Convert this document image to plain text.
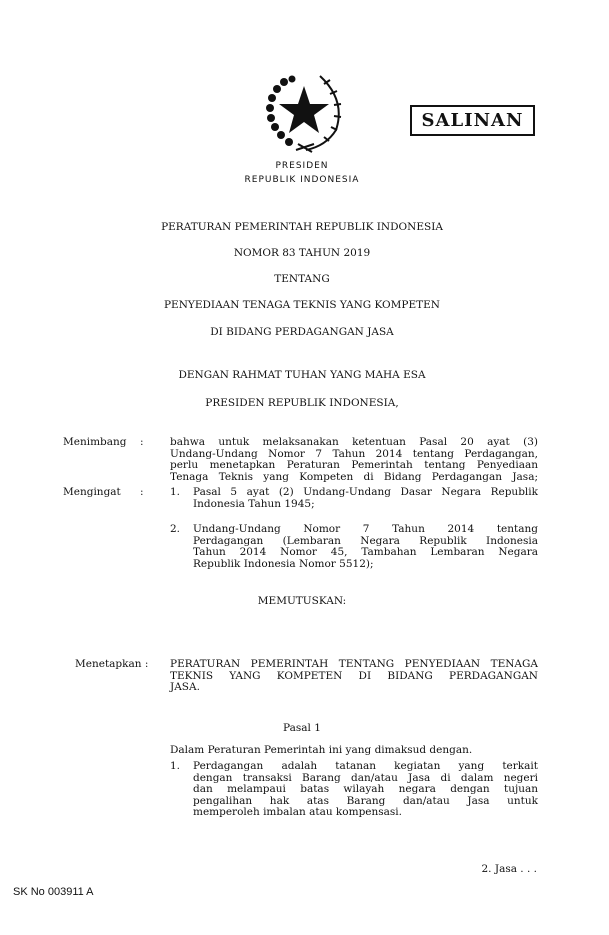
SALINAN
PRESIDEN
REPUBLIK INDONESIA
PERATURAN PEMERINTAH REPUBLIK INDONESIA
NOMOR 83 TAHUN 2019
TENTANG
PENYEDIAAN TENAGA TEKNIS YANG KOMPETEN
DI BIDANG PERDAGANGAN JASA
DENGAN RAHMAT TUHAN YANG MAHA ESA
PRESIDEN REPUBLIK INDONESIA,
Menimbang :	bahwa untuk melaksanakan ketentuan Pasal 20 ayat (3)
Undang-Undang Nomor 7 Tahun 2014 tentang Perdagangan,
perlu menetapkan Peraturan Pemerintah tentang Penyediaan
Tenaga Teknis yang Kompeten di Bidang Perdagangan Jasa;
Mengingat :	1. Pasal 5 ayat (2) Undang-Undang Dasar Negara Republik
Indonesia Tahun 1945;
2. Undang-Undang Nomor 7 Tahun 2014 tentang
Perdagangan (Lembaran Negara Republik Indonesia
Tahun 2014 Nomor 45, Tambahan Lembaran Negara
Republik Indonesia Nomor 5512);
MEMUTUSKAN:
Menetapkan : PERATURAN PEMERINTAH TENTANG PENYEDIAAN TENAGA
TEKNIS YANG KOMPETEN DI BIDANG PERDAGANGAN
JASA.
Pasal 1
Dalam Peraturan Pemerintah ini yang dimaksud dengan.
1. Perdagangan adalah tatanan kegiatan yang terkait
dengan transaksi Barang dan/atau Jasa di dalam negeri
dan melampaui batas wilayah negara dengan tujuan
pengalihan hak atas Barang dan/atau Jasa untuk
memperoleh imbalan atau kompensasi.
2. Jasa . . .
SK No 003911 A
